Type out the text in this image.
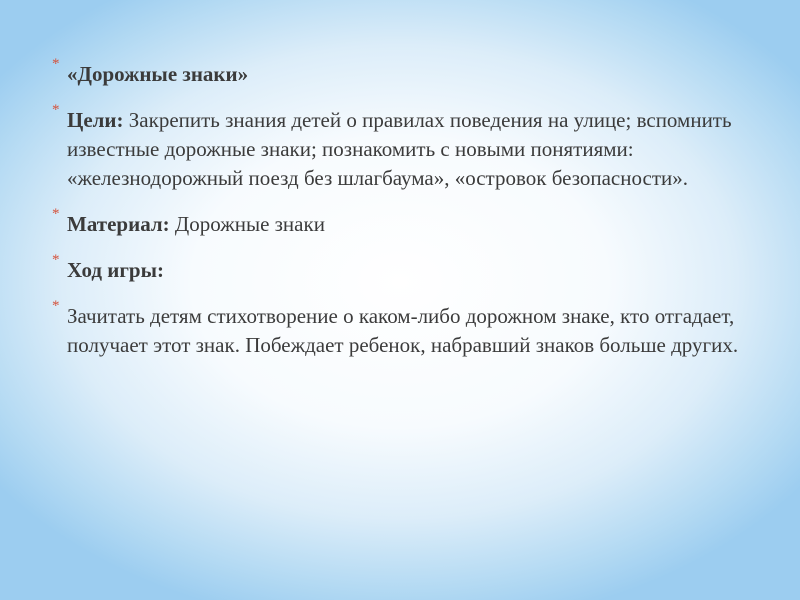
* «Дорожные знаки»
* Цели: Закрепить знания детей о правилах поведения на улице; вспомнить известные дорожные знаки; познакомить с новыми понятиями: «железнодорожный поезд без шлагбаума», «островок безопасности».
* Материал: Дорожные знаки
* Ход игры:
* Зачитать детям стихотворение о каком-либо дорожном знаке, кто отгадает, получает этот знак. Побеждает ребенок, набравший знаков больше других.
